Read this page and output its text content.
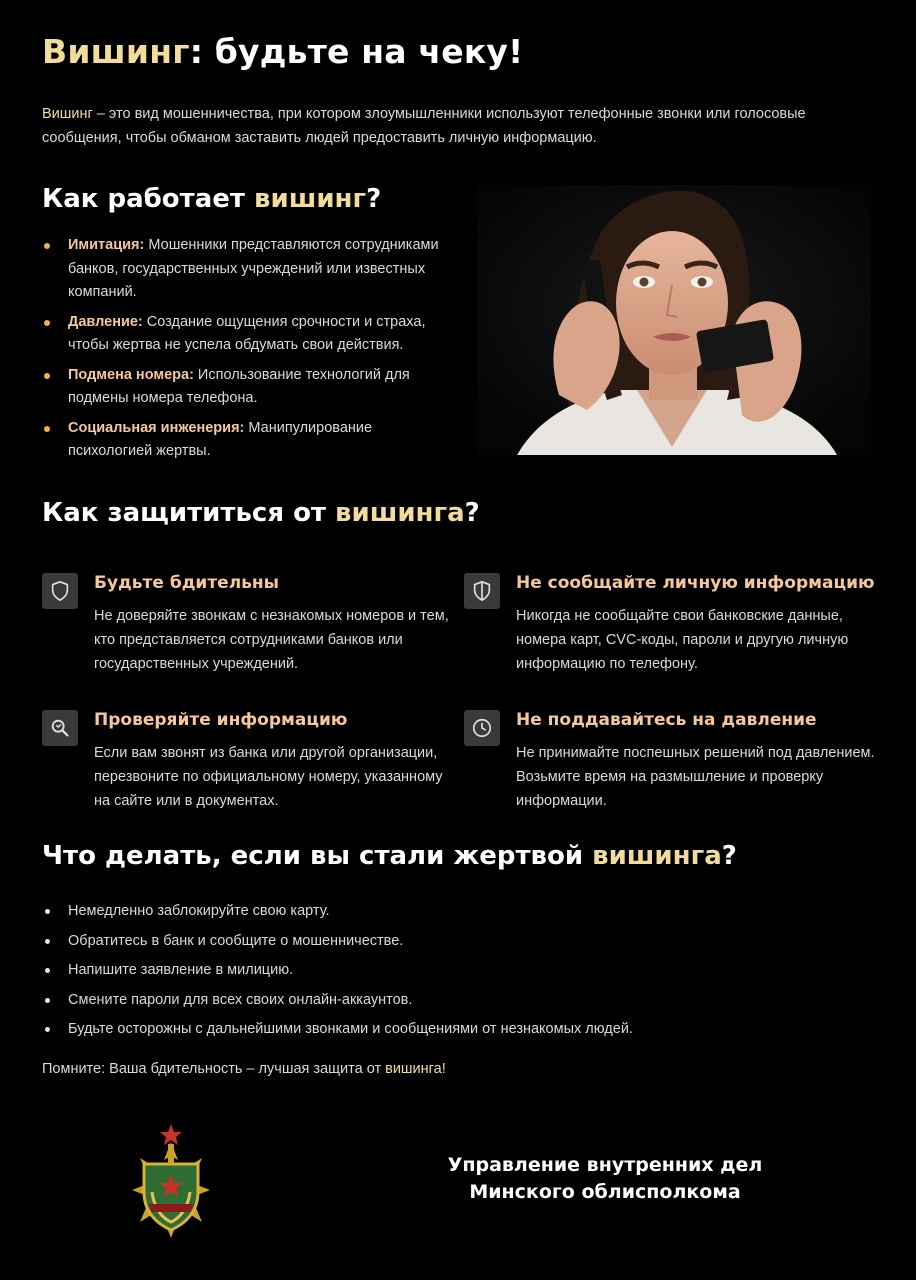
Вишинг: будьте на чеку!

Вишинг – это вид мошенничества, при котором злоумышленники используют телефонные звонки или голосовые сообщения, чтобы обманом заставить людей предоставить личную информацию.

Как работает вишинг?
Имитация: Мошенники представляются сотрудниками банков, государственных учреждений или известных компаний.
Давление: Создание ощущения срочности и страха, чтобы жертва не успела обдумать свои действия.
Подмена номера: Использование технологий для подмены номера телефона.
Социальная инженерия: Манипулирование психологией жертвы.
Как защититься от вишинга?
Будьте бдительны

Не доверяйте звонкам с незнакомых номеров и тем, кто представляется сотрудниками банков или государственных учреждений.

Не сообщайте личную информацию

Никогда не сообщайте свои банковские данные, номера карт, CVC-коды, пароли и другую личную информацию по телефону.

Проверяйте информацию

Если вам звонят из банка или другой организации, перезвоните по официальному номеру, указанному на сайте или в документах.

Не поддавайтесь на давление

Не принимайте поспешных решений под давлением. Возьмите время на размышление и проверку информации.

Что делать, если вы стали жертвой вишинга?
Немедленно заблокируйте свою карту.
Обратитесь в банк и сообщите о мошенничестве.
Напишите заявление в милицию.
Смените пароли для всех своих онлайн-аккаунтов.
Будьте осторожны с дальнейшими звонками и сообщениями от незнакомых людей.

Помните: Ваша бдительность – лучшая защита от вишинга!

Управление внутренних дел
Минского облисполкома
